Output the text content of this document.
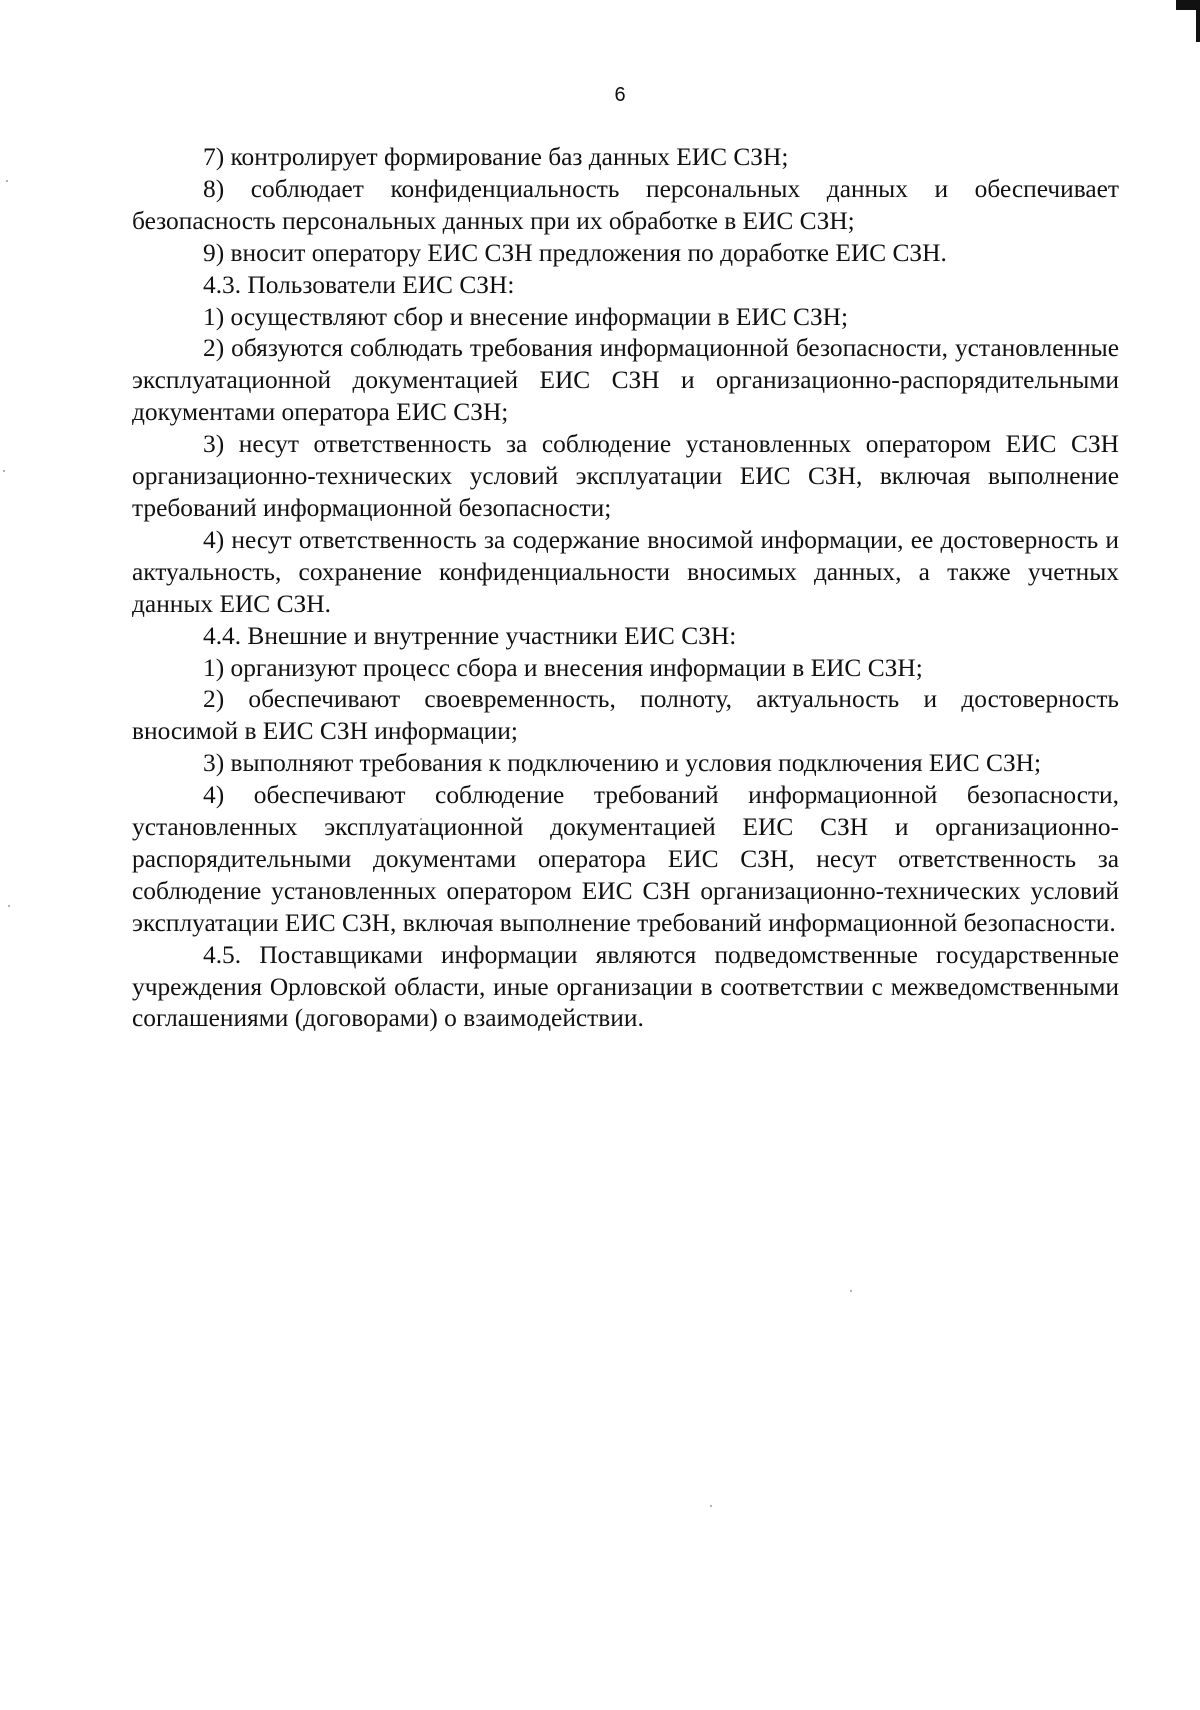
6

7) контролирует формирование баз данных ЕИС СЗН;

8) соблюдает конфиденциальность персональных данных и обеспечивает безопасность персональных данных при их обработке в ЕИС СЗН;

9) вносит оператору ЕИС СЗН предложения по доработке ЕИС СЗН.

4.3. Пользователи ЕИС СЗН:

1) осуществляют сбор и внесение информации в ЕИС СЗН;

2) обязуются соблюдать требования информационной безопасности, установленные эксплуатационной документацией ЕИС СЗН и организационно-распорядительными документами оператора ЕИС СЗН;

3) несут ответственность за соблюдение установленных оператором ЕИС СЗН организационно-технических условий эксплуатации ЕИС СЗН, включая выполнение требований информационной безопасности;

4) несут ответственность за содержание вносимой информации, ее достоверность и актуальность, сохранение конфиденциальности вносимых данных, а также учетных данных ЕИС СЗН.

4.4. Внешние и внутренние участники ЕИС СЗН:

1) организуют процесс сбора и внесения информации в ЕИС СЗН;

2) обеспечивают своевременность, полноту, актуальность и достоверность вносимой в ЕИС СЗН информации;

3) выполняют требования к подключению и условия подключения ЕИС СЗН;

4) обеспечивают соблюдение требований информационной безопасности, установленных эксплуатационной документацией ЕИС СЗН и организационно-распорядительными документами оператора ЕИС СЗН, несут ответственность за соблюдение установленных оператором ЕИС СЗН организационно-технических условий эксплуатации ЕИС СЗН, включая выполнение требований информационной безопасности.

4.5. Поставщиками информации являются подведомственные государственные учреждения Орловской области, иные организации в соответствии с межведомственными соглашениями (договорами) о взаимодействии.
